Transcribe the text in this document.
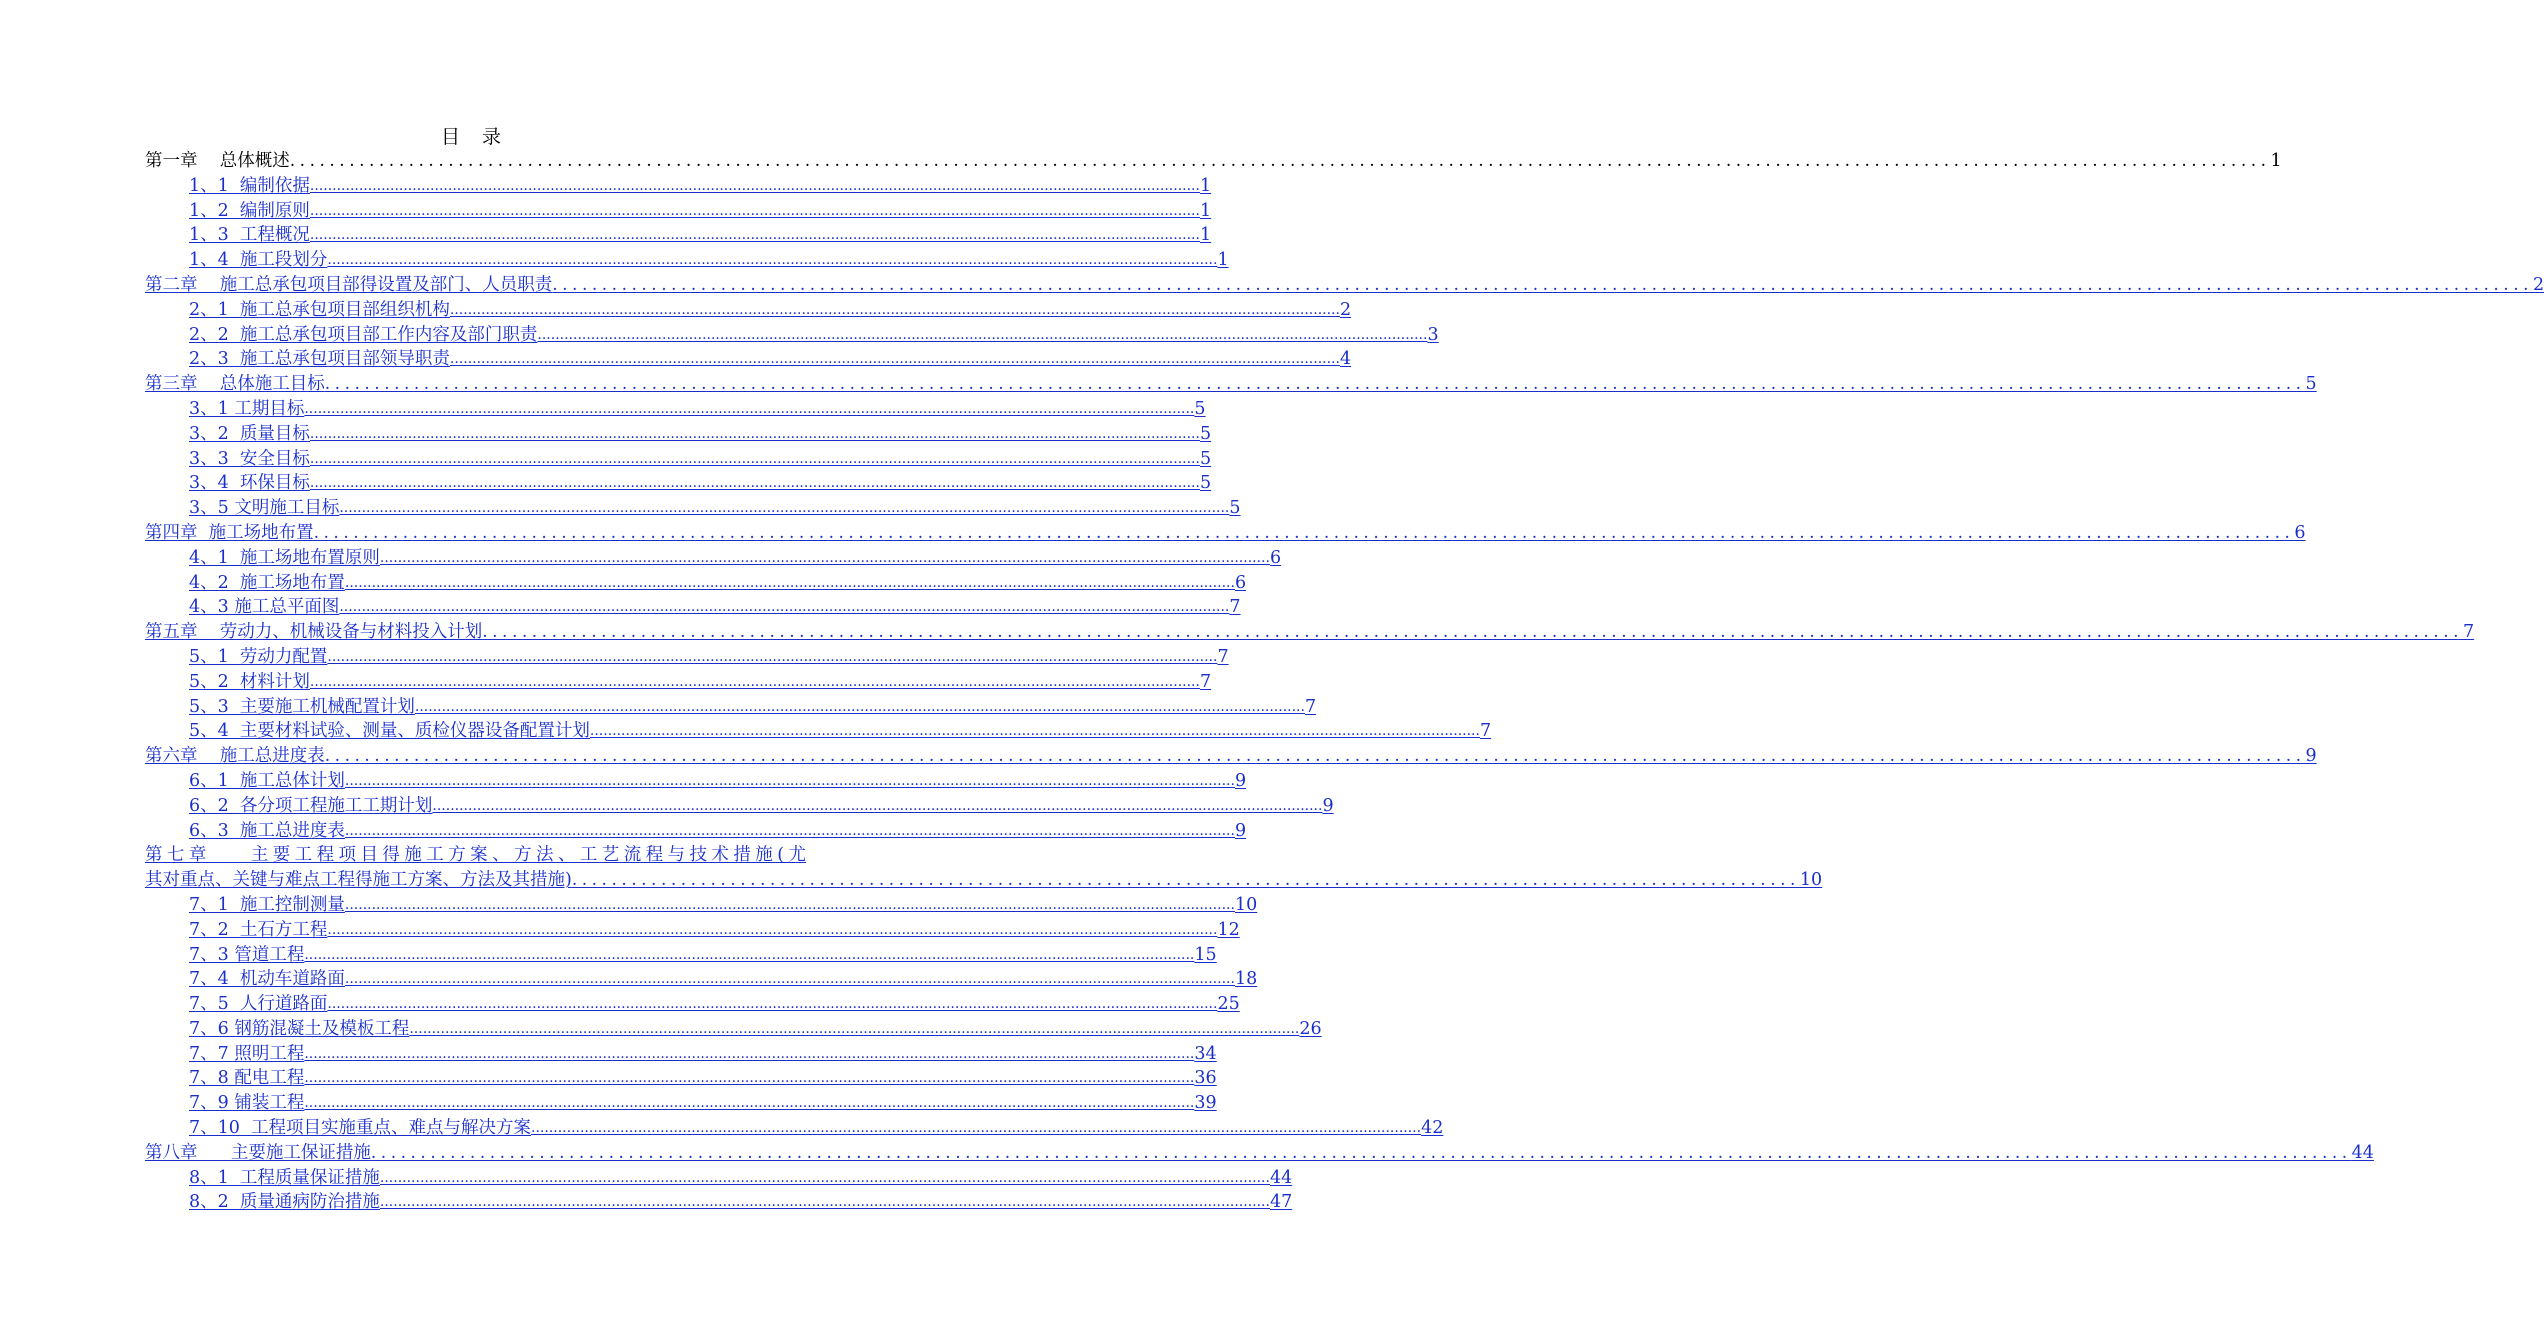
目 录
第一章    总体概述 ........................................................................................................................................................................................................ 1
1、1  编制依据 ........................................................................................................................................................................................................ 1
1、2  编制原则 ........................................................................................................................................................................................................ 1
1、3  工程概况 ........................................................................................................................................................................................................ 1
1、4  施工段划分 ........................................................................................................................................................................................................ 1
第二章    施工总承包项目部得设置及部门、人员职责 ........................................................................................................................................................................................................ 2
2、1  施工总承包项目部组织机构 ........................................................................................................................................................................................................ 2
2、2  施工总承包项目部工作内容及部门职责 ........................................................................................................................................................................................................ 3
2、3  施工总承包项目部领导职责 ........................................................................................................................................................................................................ 4
第三章    总体施工目标 ........................................................................................................................................................................................................ 5
3、1 工期目标 ........................................................................................................................................................................................................ 5
3、2  质量目标 ........................................................................................................................................................................................................ 5
3、3  安全目标 ........................................................................................................................................................................................................ 5
3、4  环保目标 ........................................................................................................................................................................................................ 5
3、5 文明施工目标 ........................................................................................................................................................................................................ 5
第四章  施工场地布置 ........................................................................................................................................................................................................ 6
4、1  施工场地布置原则 ........................................................................................................................................................................................................ 6
4、2  施工场地布置 ........................................................................................................................................................................................................ 6
4、3 施工总平面图 ........................................................................................................................................................................................................ 7
第五章    劳动力、机械设备与材料投入计划 ........................................................................................................................................................................................................ 7
5、1  劳动力配置 ........................................................................................................................................................................................................ 7
5、2  材料计划 ........................................................................................................................................................................................................ 7
5、3  主要施工机械配置计划 ........................................................................................................................................................................................................ 7
5、4  主要材料试验、测量、质检仪器设备配置计划 ........................................................................................................................................................................................................ 7
第六章    施工总进度表 ........................................................................................................................................................................................................ 9
6、1  施工总体计划 ........................................................................................................................................................................................................ 9
6、2  各分项工程施工工期计划 ........................................................................................................................................................................................................ 9
6、3  施工总进度表 ........................................................................................................................................................................................................ 9
第七章    主要工程项目得施工方案、方法、工艺流程与技术措施(尤
其对重点、关键与难点工程得施工方案、方法及其措施) ............................................................................................................................ 10
7、1  施工控制测量 ........................................................................................................................................................................................................ 10
7、2  土石方工程 ........................................................................................................................................................................................................ 12
7、3 管道工程 ........................................................................................................................................................................................................ 15
7、4  机动车道路面 ........................................................................................................................................................................................................ 18
7、5  人行道路面 ........................................................................................................................................................................................................ 25
7、6 钢筋混凝土及模板工程 ........................................................................................................................................................................................................ 26
7、7 照明工程 ........................................................................................................................................................................................................ 34
7、8 配电工程 ........................................................................................................................................................................................................ 36
7、9 铺装工程 ........................................................................................................................................................................................................ 39
7、10  工程项目实施重点、难点与解决方案 ........................................................................................................................................................................................................ 42
第八章      主要施工保证措施 ........................................................................................................................................................................................................ 44
8、1  工程质量保证措施 ........................................................................................................................................................................................................ 44
8、2  质量通病防治措施 ........................................................................................................................................................................................................ 47
